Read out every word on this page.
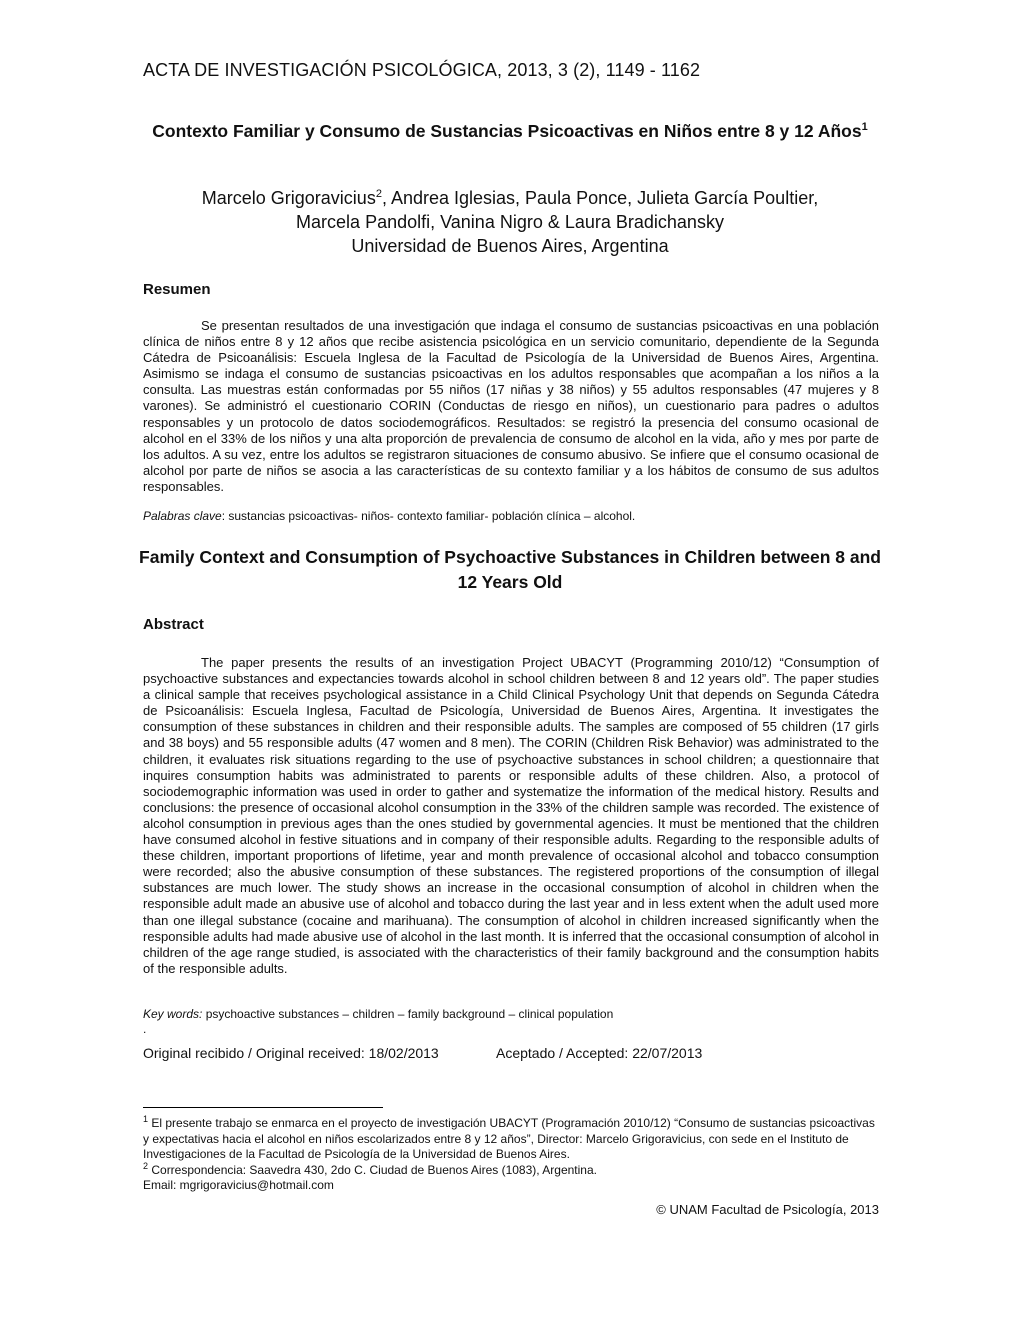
ACTA DE INVESTIGACIÓN PSICOLÓGICA, 2013, 3 (2), 1149 - 1162
Contexto Familiar y Consumo de Sustancias Psicoactivas en Niños entre 8 y 12 Años$^1$
Marcelo Grigoravicius$^2$, Andrea Iglesias, Paula Ponce, Julieta García Poultier,
Marcela Pandolfi, Vanina Nigro & Laura Bradichansky
Universidad de Buenos Aires, Argentina
Resumen

Se presentan resultados de una investigación que indaga el consumo de sustancias psicoactivas en una población clínica de niños entre 8 y 12 años que recibe asistencia psicológica en un servicio comunitario, dependiente de la Segunda Cátedra de Psicoanálisis: Escuela Inglesa de la Facultad de Psicología de la Universidad de Buenos Aires, Argentina. Asimismo se indaga el consumo de sustancias psicoactivas en los adultos responsables que acompañan a los niños a la consulta. Las muestras están conformadas por 55 niños (17 niñas y 38 niños) y 55 adultos responsables (47 mujeres y 8 varones). Se administró el cuestionario CORIN (Conductas de riesgo en niños), un cuestionario para padres o adultos responsables y un protocolo de datos sociodemográficos. Resultados: se registró la presencia del consumo ocasional de alcohol en el 33% de los niños y una alta proporción de prevalencia de consumo de alcohol en la vida, año y mes por parte de los adultos. A su vez, entre los adultos se registraron situaciones de consumo abusivo. Se infiere que el consumo ocasional de alcohol por parte de niños se asocia a las características de su contexto familiar y a los hábitos de consumo de sus adultos responsables.

Palabras clave: sustancias psicoactivas- niños- contexto familiar- población clínica – alcohol.
Family Context and Consumption of Psychoactive Substances in Children between 8 and 12 Years Old
Abstract

The paper presents the results of an investigation Project UBACYT (Programming 2010/12) “Consumption of psychoactive substances and expectancies towards alcohol in school children between 8 and 12 years old”. The paper studies a clinical sample that receives psychological assistance in a Child Clinical Psychology Unit that depends on Segunda Cátedra de Psicoanálisis: Escuela Inglesa, Facultad de Psicología, Universidad de Buenos Aires, Argentina. It investigates the consumption of these substances in children and their responsible adults. The samples are composed of 55 children (17 girls and 38 boys) and 55 responsible adults (47 women and 8 men). The CORIN (Children Risk Behavior) was administrated to the children, it evaluates risk situations regarding to the use of psychoactive substances in school children; a questionnaire that inquires consumption habits was administrated to parents or responsible adults of these children. Also, a protocol of sociodemographic information was used in order to gather and systematize the information of the medical history. Results and conclusions: the presence of occasional alcohol consumption in the 33% of the children sample was recorded. The existence of alcohol consumption in previous ages than the ones studied by governmental agencies. It must be mentioned that the children have consumed alcohol in festive situations and in company of their responsible adults. Regarding to the responsible adults of these children, important proportions of lifetime, year and month prevalence of occasional alcohol and tobacco consumption were recorded; also the abusive consumption of these substances. The registered proportions of the consumption of illegal substances are much lower. The study shows an increase in the occasional consumption of alcohol in children when the responsible adult made an abusive use of alcohol and tobacco during the last year and in less extent when the adult used more than one illegal substance (cocaine and marihuana). The consumption of alcohol in children increased significantly when the responsible adults had made abusive use of alcohol in the last month. It is inferred that the occasional consumption of alcohol in children of the age range studied, is associated with the characteristics of their family background and the consumption habits of the responsible adults.

Key words: psychoactive substances – children – family background – clinical population
.
Original recibido / Original received: 18/02/2013	Aceptado / Accepted: 22/07/2013

$^1$ El presente trabajo se enmarca en el proyecto de investigación UBACYT (Programación 2010/12) “Consumo de sustancias psicoactivas y expectativas hacia el alcohol en niños escolarizados entre 8 y 12 años”, Director: Marcelo Grigoravicius, con sede en el Instituto de Investigaciones de la Facultad de Psicología de la Universidad de Buenos Aires.

$^2$ Correspondencia: Saavedra 430, 2do C. Ciudad de Buenos Aires (1083), Argentina.

Email: mgrigoravicius@hotmail.com

© UNAM Facultad de Psicología, 2013
